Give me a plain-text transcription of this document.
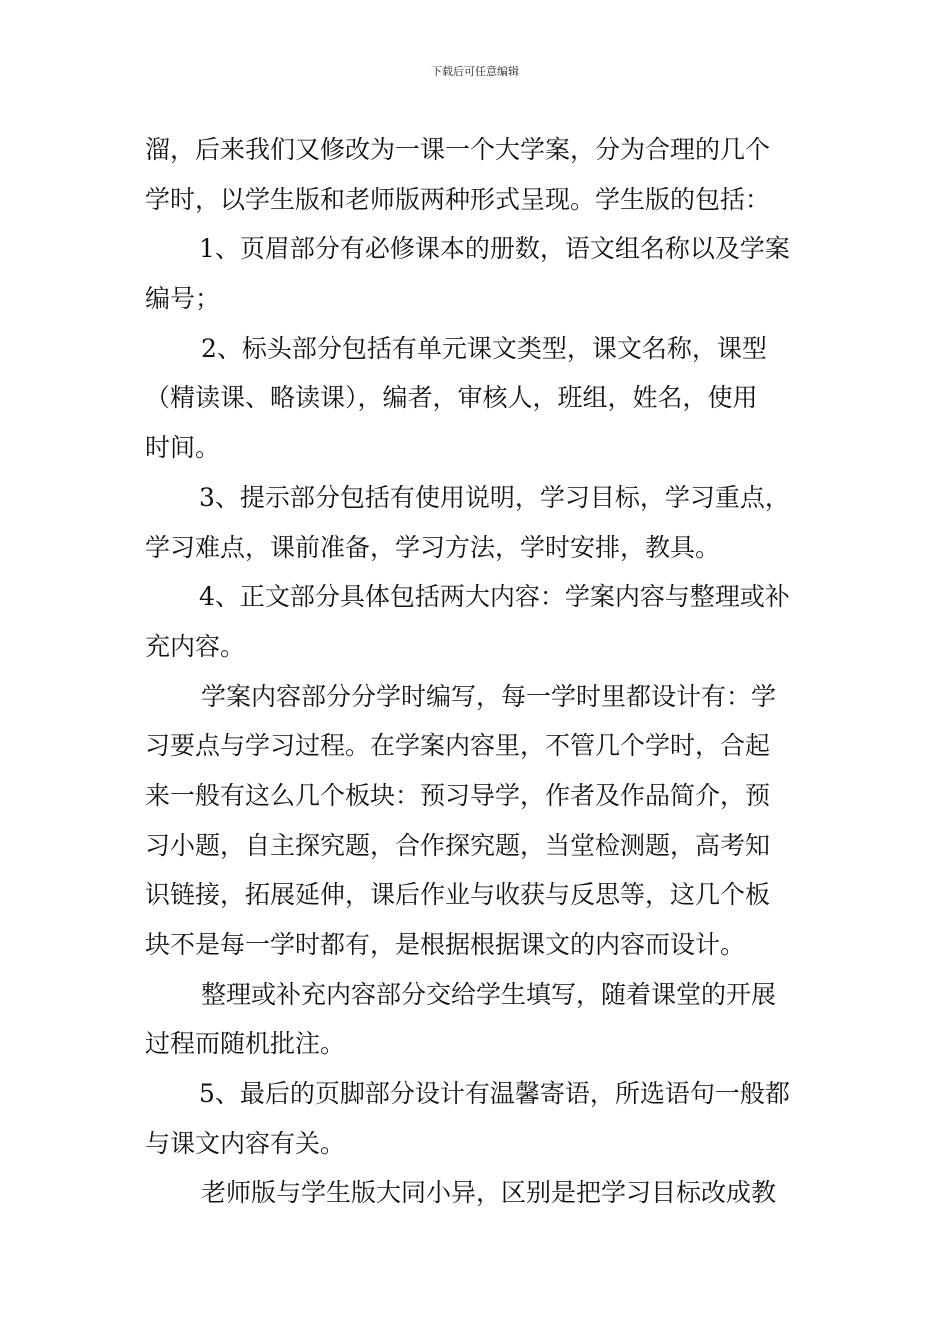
下载后可任意编辑
溜，后来我们又修改为一课一个大学案，分为合理的几个
学时，以学生版和老师版两种形式呈现。学生版的包括：
1、页眉部分有必修课本的册数，语文组名称以及学案
编号；
2、标头部分包括有单元课文类型，课文名称，课型
（精读课、略读课），编者，审核人，班组，姓名，使用
时间。
3、提示部分包括有使用说明，学习目标，学习重点，
学习难点，课前准备，学习方法，学时安排，教具。
4、正文部分具体包括两大内容：学案内容与整理或补
充内容。
学案内容部分分学时编写，每一学时里都设计有：学
习要点与学习过程。在学案内容里，不管几个学时，合起
来一般有这么几个板块：预习导学，作者及作品简介，预
习小题，自主探究题，合作探究题，当堂检测题，高考知
识链接，拓展延伸，课后作业与收获与反思等，这几个板
块不是每一学时都有，是根据根据课文的内容而设计。
整理或补充内容部分交给学生填写，随着课堂的开展
过程而随机批注。
5、最后的页脚部分设计有温馨寄语，所选语句一般都
与课文内容有关。
老师版与学生版大同小异，区别是把学习目标改成教
